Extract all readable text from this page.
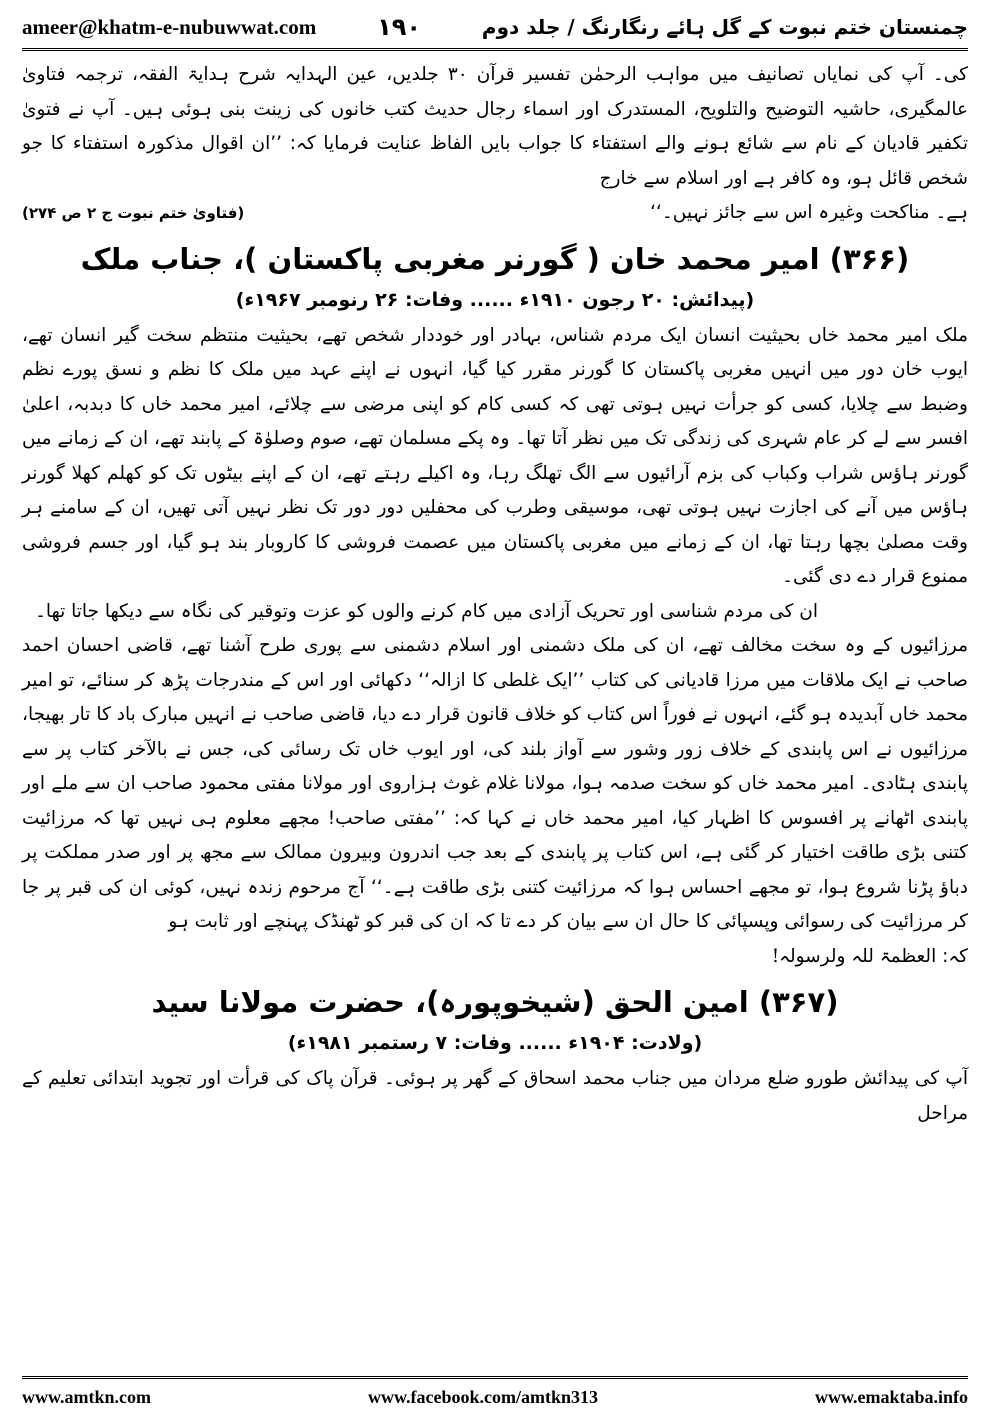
ameer@khatm-e-nubuwwat.com	۱۹۰	چمنستان ختم نبوت کے گل ہائے رنگارنگ / جلد دوم

کی۔ آپ کی نمایاں تصانیف میں مواہب الرحمٰن تفسیر قرآن ۳۰ جلدیں، عین الہدایہ شرح ہدایۃ الفقہ، ترجمہ فتاویٰ عالمگیری، حاشیہ التوضیح والتلویح، المستدرک اور اسماء رجال حدیث کتب خانوں کی زینت بنی ہوئی ہیں۔ آپ نے فتویٰ تکفیر قادیان کے نام سے شائع ہونے والے استفتاء کا جواب بایں الفاظ عنایت فرمایا کہ: ’’ان اقوال مذکورہ استفتاء کا جو شخص قائل ہو، وہ کافر ہے اور اسلام سے خارج

ہے۔ مناکحت وغیرہ اس سے جائز نہیں۔‘‘
(فتاویٰ ختم نبوت ج ۲ ص ۲۷۴)
(۳۶۶) امیر محمد خان ( گورنر مغربی پاکستان )، جناب ملک
(پیدائش: ۲۰ رجون ۱۹۱۰ء ...... وفات: ۲۶ رنومبر ۱۹۶۷ء)

ملک امیر محمد خاں بحیثیت انسان ایک مردم شناس، بہادر اور خوددار شخص تھے، بحیثیت منتظم سخت گیر انسان تھے، ایوب خان دور میں انہیں مغربی پاکستان کا گورنر مقرر کیا گیا، انہوں نے اپنے عہد میں ملک کا نظم و نسق پورے نظم وضبط سے چلایا، کسی کو جرأت نہیں ہوتی تھی کہ کسی کام کو اپنی مرضی سے چلائے، امیر محمد خاں کا دبدبہ، اعلیٰ افسر سے لے کر عام شہری کی زندگی تک میں نظر آتا تھا۔ وہ پکے مسلمان تھے، صوم وصلوٰۃ کے پابند تھے، ان کے زمانے میں گورنر ہاؤس شراب وکباب کی بزم آرائیوں سے الگ تھلگ رہا، وہ اکیلے رہتے تھے، ان کے اپنے بیٹوں تک کو کھلم کھلا گورنر ہاؤس میں آنے کی اجازت نہیں ہوتی تھی، موسیقی وطرب کی محفلیں دور دور تک نظر نہیں آتی تھیں، ان کے سامنے ہر وقت مصلیٰ بچھا رہتا تھا، ان کے زمانے میں مغربی پاکستان میں عصمت فروشی کا کاروبار بند ہو گیا، اور جسم فروشی ممنوع قرار دے دی گئی۔

ان کی مردم شناسی اور تحریک آزادی میں کام کرنے والوں کو عزت وتوقیر کی نگاہ سے دیکھا جاتا تھا۔

مرزائیوں کے وہ سخت مخالف تھے، ان کی ملک دشمنی اور اسلام دشمنی سے پوری طرح آشنا تھے، قاضی احسان احمد صاحب نے ایک ملاقات میں مرزا قادیانی کی کتاب ’’ایک غلطی کا ازالہ‘‘ دکھائی اور اس کے مندرجات پڑھ کر سنائے، تو امیر محمد خاں آبدیدہ ہو گئے، انہوں نے فوراً اس کتاب کو خلاف قانون قرار دے دیا، قاضی صاحب نے انہیں مبارک باد کا تار بھیجا، مرزائیوں نے اس پابندی کے خلاف زور وشور سے آواز بلند کی، اور ایوب خاں تک رسائی کی، جس نے بالآخر کتاب پر سے پابندی ہٹادی۔ امیر محمد خاں کو سخت صدمہ ہوا، مولانا غلام غوث ہزاروی اور مولانا مفتی محمود صاحب ان سے ملے اور پابندی اٹھانے پر افسوس کا اظہار کیا، امیر محمد خاں نے کہا کہ: ’’مفتی صاحب! مجھے معلوم ہی نہیں تھا کہ مرزائیت کتنی بڑی طاقت اختیار کر گئی ہے، اس کتاب پر پابندی کے بعد جب اندرون وبیرون ممالک سے مجھ پر اور صدر مملکت پر دباؤ پڑنا شروع ہوا، تو مجھے احساس ہوا کہ مرزائیت کتنی بڑی طاقت ہے۔‘‘ آج مرحوم زندہ نہیں، کوئی ان کی قبر پر جا کر مرزائیت کی رسوائی وپسپائی کا حال ان سے بیان کر دے تا کہ ان کی قبر کو ٹھنڈک پہنچے اور ثابت ہو

کہ: العظمۃ للہ ولرسولہ!

(۳۶۷) امین الحق (شیخوپورہ)، حضرت مولانا سید
(ولادت: ۱۹۰۴ء ...... وفات: ۷ رستمبر ۱۹۸۱ء)

آپ کی پیدائش طورو ضلع مردان میں جناب محمد اسحاق کے گھر پر ہوئی۔ قرآن پاک کی قرأت اور تجوید ابتدائی تعلیم کے مراحل

www.amtkn.com	www.facebook.com/amtkn313	www.emaktaba.info
